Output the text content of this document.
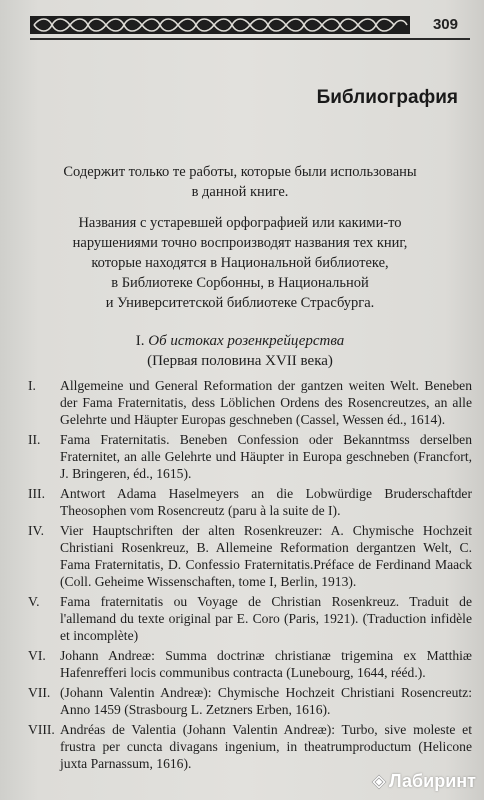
309
Библиография

Содержит только те работы, которые были использованы

в данной книге.

Названия с устаревшей орфографией или какими-то

нарушениями точно воспроизводят названия тех книг,

которые находятся в Национальной библиотеке,

в Библиотеке Сорбонны, в Национальной

и Университетской библиотеке Страсбурга.

I. Об истоках розенкрейцерства
(Первая половина XVII века)
I. Allgemeine und General Reformation der gantzen weiten Welt. Beneben der Fama Fraternitatis, dess Löblichen Ordens des Rosencreutzes, an alle Gelehrte und Häupter Europas geschneben (Cassel, Wessen éd., 1614).
II. Fama Fraternitatis. Beneben Confession oder Bekanntmss derselben Fraternitet, an alle Gelehrte und Häupter in Europa geschneben (Francfort, J. Bringeren, éd., 1615).
III. Antwort Adama Haselmeyers an die Lobwürdige Bruderschaftder Theosophen vom Rosencreutz (paru à la suite de I).
IV. Vier Hauptschriften der alten Rosenkreuzer: A. Chymische Hochzeit Christiani Rosenkreuz, B. Allemeine Reformation dergantzen Welt, C. Fama Fraternitatis, D. Confessio Fraternitatis.Préface de Ferdinand Maack (Coll. Geheime Wissenschaften, tome I, Berlin, 1913).
V. Fama fraternitatis ou Voyage de Christian Rosenkreuz. Traduit de l'allemand du texte original par E. Coro (Paris, 1921). (Traduction infidèle et incomplète)
VI. Johann Andreæ: Summa doctrinæ christianæ trigemina ex Matthiæ Hafenrefferi locis communibus contracta (Lunebourg, 1644, rééd.).
VII. (Johann Valentin Andreæ): Chymische Hochzeit Christiani Rosencreutz: Anno 1459 (Strasbourg L. Zetzners Erben, 1616).
VIII. Andréas de Valentia (Johann Valentin Andreæ): Turbo, sive moleste et frustra per cuncta divagans ingenium, in theatrumproductum (Helicone juxta Parnassum, 1616).
Лабиринт
